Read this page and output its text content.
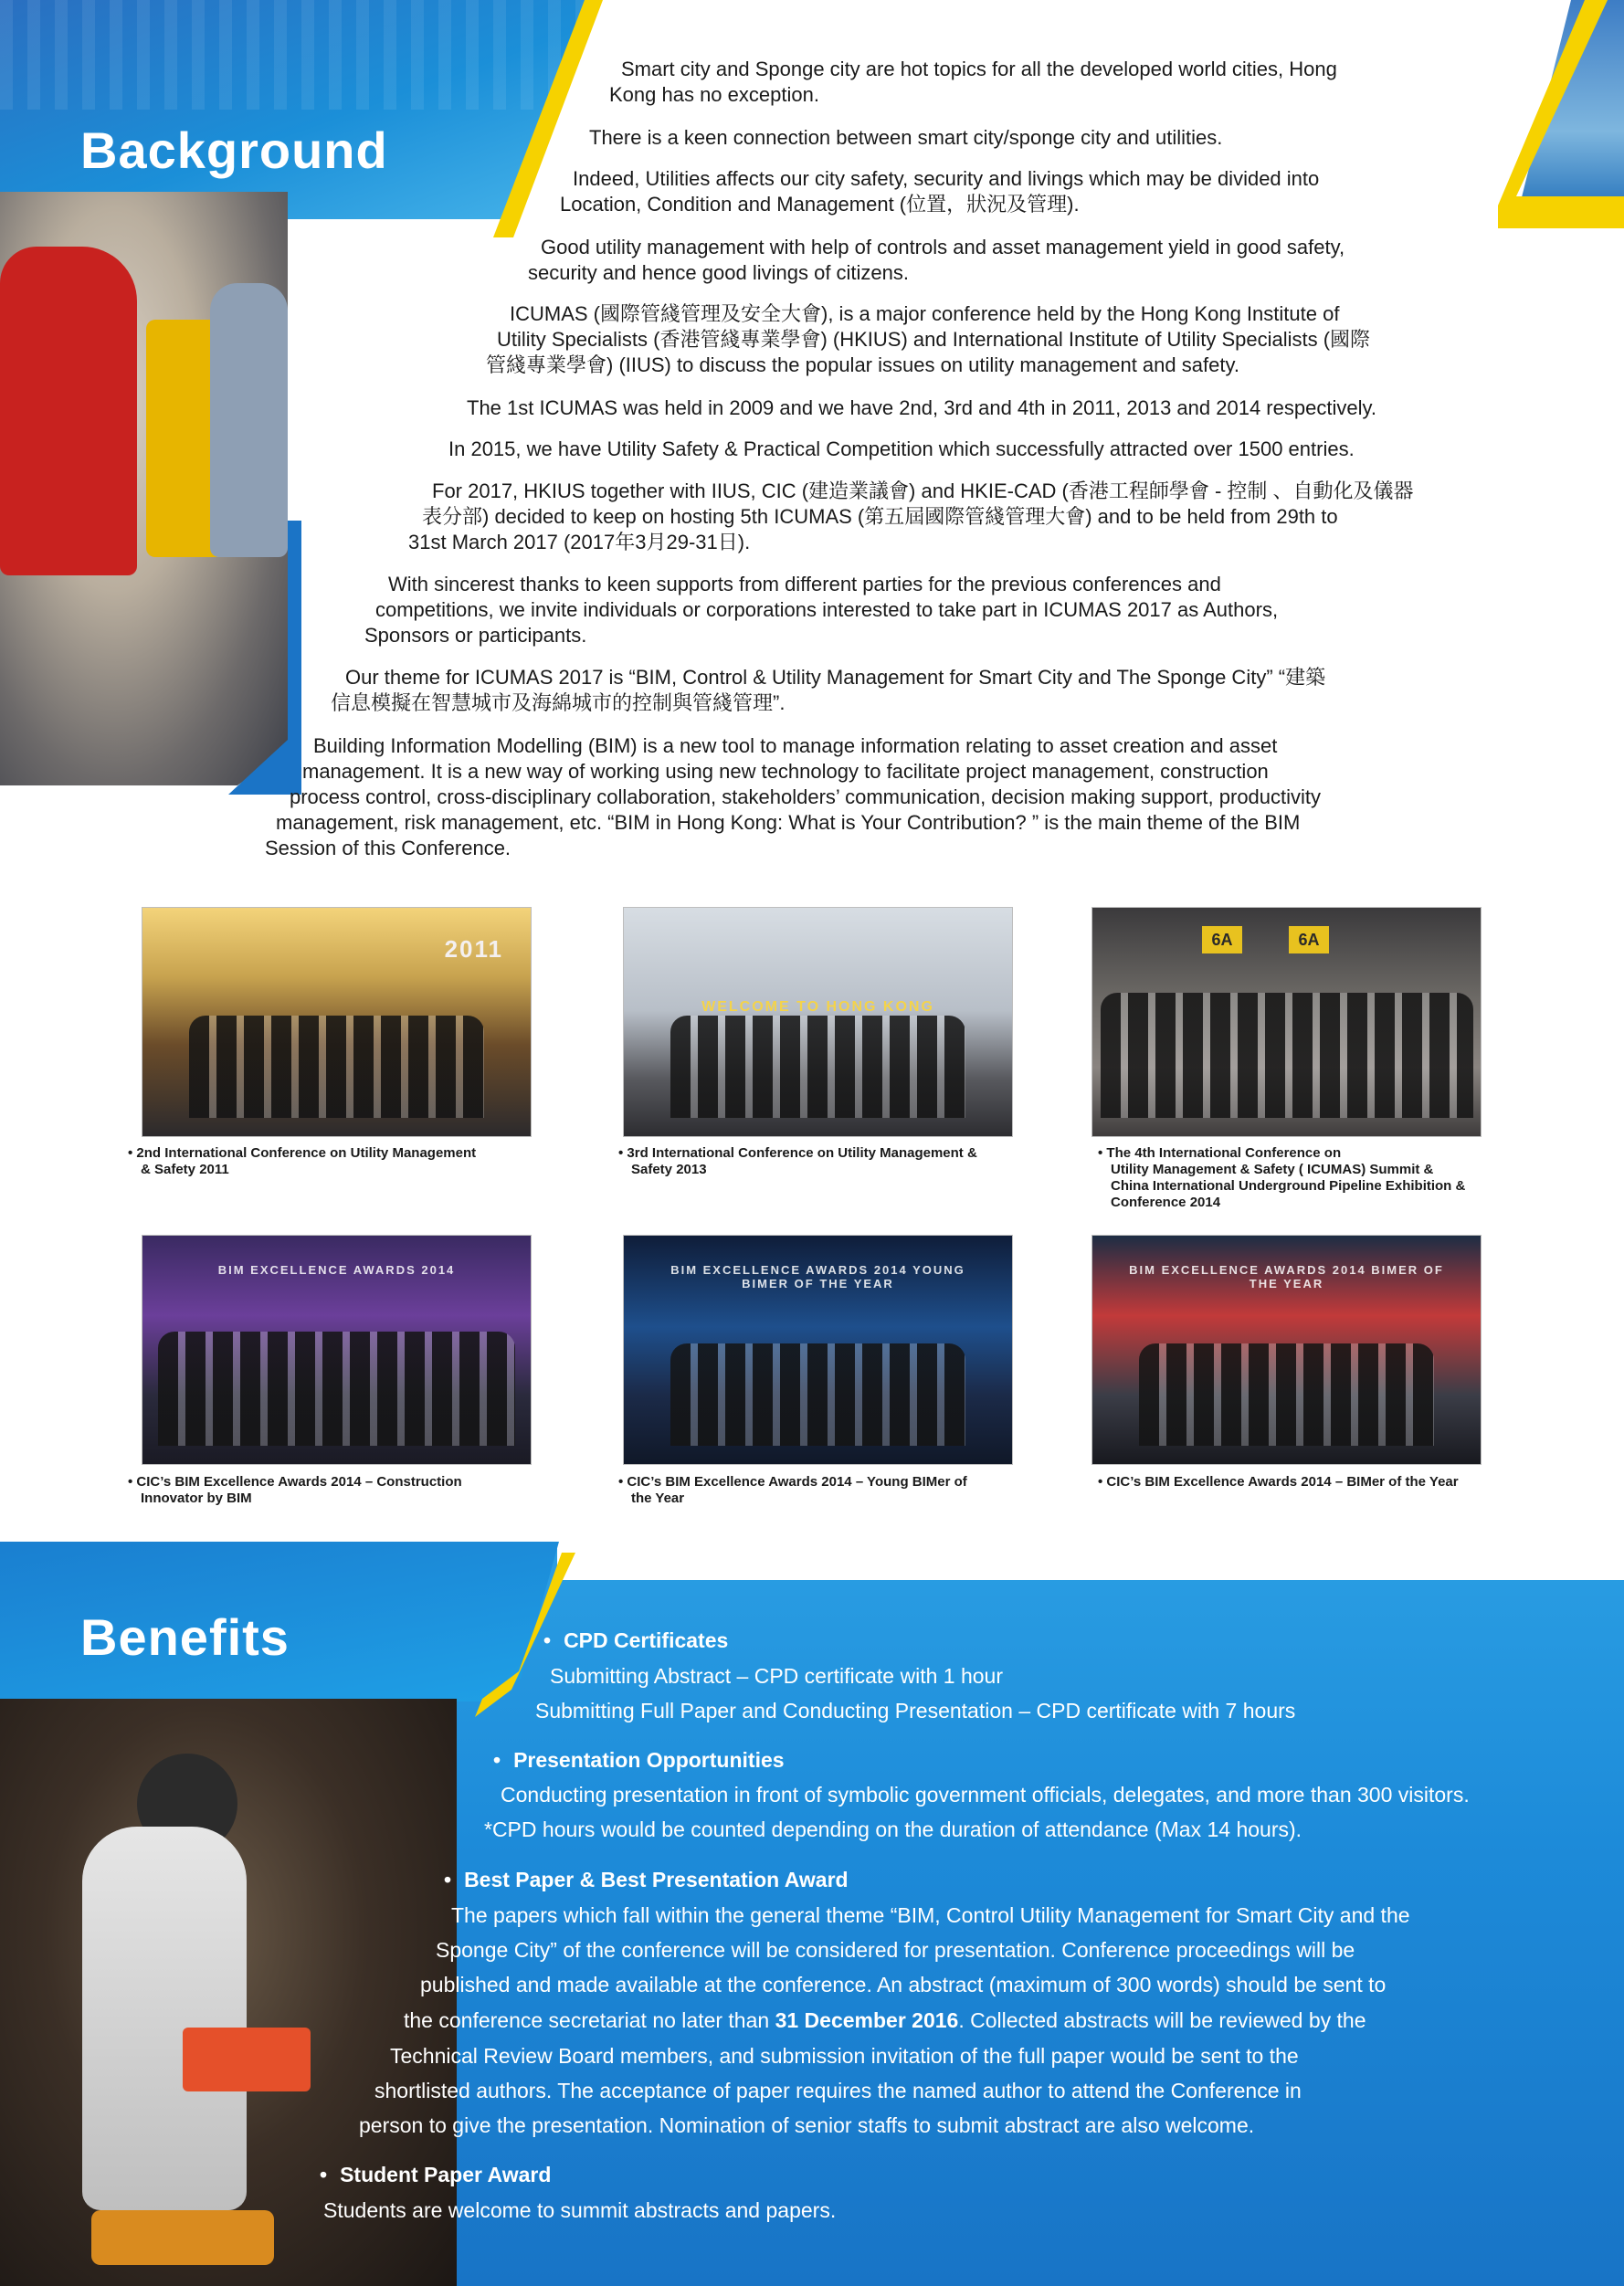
Background
Smart city and Sponge city are hot topics for all the developed world cities, Hong
Kong has no exception.
There is a keen connection between smart city/sponge city and utilities.
Indeed, Utilities affects our city safety, security and livings which may be divided into
Location, Condition and Management (位置，狀況及管理).
Good utility management with help of controls and asset management yield in good safety,
security and hence good livings of citizens.
ICUMAS (國際管綫管理及安全大會), is a major conference held by the Hong Kong Institute of
Utility Specialists (香港管綫專業學會) (HKIUS) and International Institute of Utility Specialists (國際
管綫專業學會) (IIUS) to discuss the popular issues on utility management and safety.
The 1st ICUMAS was held in 2009 and we have 2nd, 3rd and 4th in 2011, 2013 and 2014 respectively.
In 2015, we have Utility Safety & Practical Competition which successfully attracted over 1500 entries.
For 2017, HKIUS together with IIUS, CIC (建造業議會) and HKIE-CAD (香港工程師學會 - 控制 、自動化及儀器
表分部) decided to keep on hosting 5th ICUMAS (第五屆國際管綫管理大會) and to be held from 29th to
31st March 2017 (2017年3月29-31日).
With sincerest thanks to keen supports from different parties for the previous conferences and
competitions, we invite individuals or corporations interested to take part in ICUMAS 2017 as Authors,
Sponsors or participants.
Our theme for ICUMAS 2017 is “BIM, Control & Utility Management for Smart City and The Sponge City” “建築
信息模擬在智慧城市及海綿城市的控制與管綫管理”.
Building Information Modelling (BIM) is a new tool to manage information relating to asset creation and asset
management. It is a new way of working using new technology to facilitate project management, construction
process control, cross-disciplinary collaboration, stakeholders’ communication, decision making support, productivity
management, risk management, etc. “BIM in Hong Kong: What is Your Contribution? ” is the main theme of the BIM
Session of this Conference.
2011
• 2nd International Conference on Utility Management
& Safety 2011
WELCOME TO HONG KONG
• 3rd International Conference on Utility Management &
Safety 2013
6A	6A
• The 4th International Conference on
Utility Management & Safety ( ICUMAS) Summit &
China International Underground Pipeline Exhibition &
Conference 2014
BIM EXCELLENCE AWARDS 2014
• CIC’s BIM Excellence Awards 2014 – Construction
Innovator by BIM
BIM EXCELLENCE AWARDS 2014 YOUNG BIMER OF THE YEAR
• CIC’s BIM Excellence Awards 2014 – Young BIMer of
the Year
BIM EXCELLENCE AWARDS 2014 BIMER OF THE YEAR
• CIC’s BIM Excellence Awards 2014 – BIMer of the Year
Benefits
•	CPD Certificates
Submitting Abstract – CPD certificate with 1 hour
Submitting Full Paper and Conducting Presentation – CPD certificate with 7 hours
• Presentation Opportunities
Conducting presentation in front of symbolic government officials, delegates, and more than 300 visitors.
*CPD hours would be counted depending on the duration of attendance (Max 14 hours).
• Best Paper & Best Presentation Award
The papers which fall within the general theme “BIM, Control Utility Management for Smart City and the
Sponge City” of the conference will be considered for presentation. Conference proceedings will be
published and made available at the conference. An abstract (maximum of 300 words) should be sent to
the conference secretariat no later than 31 December 2016. Collected abstracts will be reviewed by the
Technical Review Board members, and submission invitation of the full paper would be sent to the
shortlisted authors. The acceptance of paper requires the named author to attend the Conference in
person to give the presentation. Nomination of senior staffs to submit abstract are also welcome.
• Student Paper Award
Students are welcome to summit abstracts and papers.
